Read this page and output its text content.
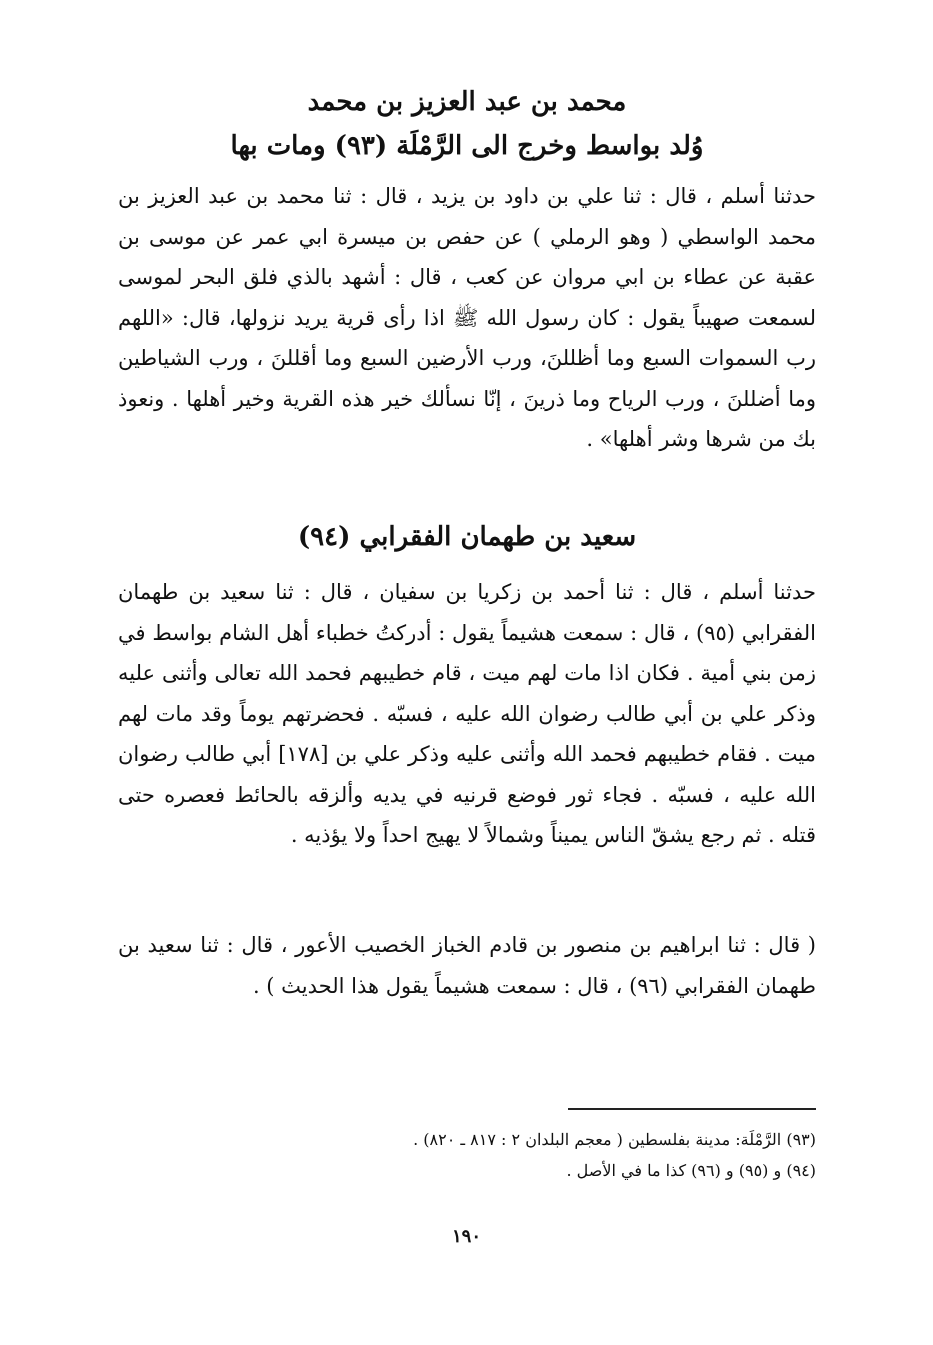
محمد بن عبد العزيز بن محمد
وُلد بواسط وخرج الى الرَّمْلَة (٩٣) ومات بها

حدثنا أسلم ، قال : ثنا علي بن داود بن يزيد ، قال : ثنا محمد بن عبد العزيز بن محمد الواسطي ( وهو الرملي ) عن حفص بن ميسرة ابي عمر عن موسى بن عقبة عن عطاء بن ابي مروان عن كعب ، قال : أشهد بالذي فلق البحر لموسى لسمعت صهيباً يقول : كان رسول الله ﷺ اذا رأى قرية يريد نزولها، قال: «اللهم رب السموات السبع وما أظللنَ، ورب الأرضين السبع وما أقللنَ ، ورب الشياطين وما أضللنَ ، ورب الرياح وما ذرينَ ، إنّا نسألك خير هذه القرية وخير أهلها . ونعوذ بك من شرها وشر أهلها» .

سعيد بن طهمان الفقرابي (٩٤)

حدثنا أسلم ، قال : ثنا أحمد بن زكريا بن سفيان ، قال : ثنا سعيد بن طهمان الفقرابي (٩٥) ، قال : سمعت هشيماً يقول : أدركتُ خطباء أهل الشام بواسط في زمن بني أمية . فكان اذا مات لهم ميت ، قام خطيبهم فحمد الله تعالى وأثنى عليه وذكر علي بن أبي طالب رضوان الله عليه ، فسبّه . فحضرتهم يوماً وقد مات لهم ميت . فقام خطيبهم فحمد الله وأثنى عليه وذكر علي بن [١٧٨] أبي طالب رضوان الله عليه ، فسبّه . فجاء ثور فوضع قرنيه في يديه وألزقه بالحائط فعصره حتى قتله . ثم رجع يشقّ الناس يميناً وشمالاً لا يهيج احداً ولا يؤذيه .

( قال : ثنا ابراهيم بن منصور بن قادم الخباز الخصيب الأعور ، قال : ثنا سعيد بن طهمان الفقرابي (٩٦) ، قال : سمعت هشيماً يقول هذا الحديث ) .

(٩٣) الرَّمْلَة: مدينة بفلسطين ( معجم البلدان ٢ : ٨١٧ ـ ٨٢٠) .
(٩٤) و (٩٥) و (٩٦) كذا ما في الأصل .
١٩٠
